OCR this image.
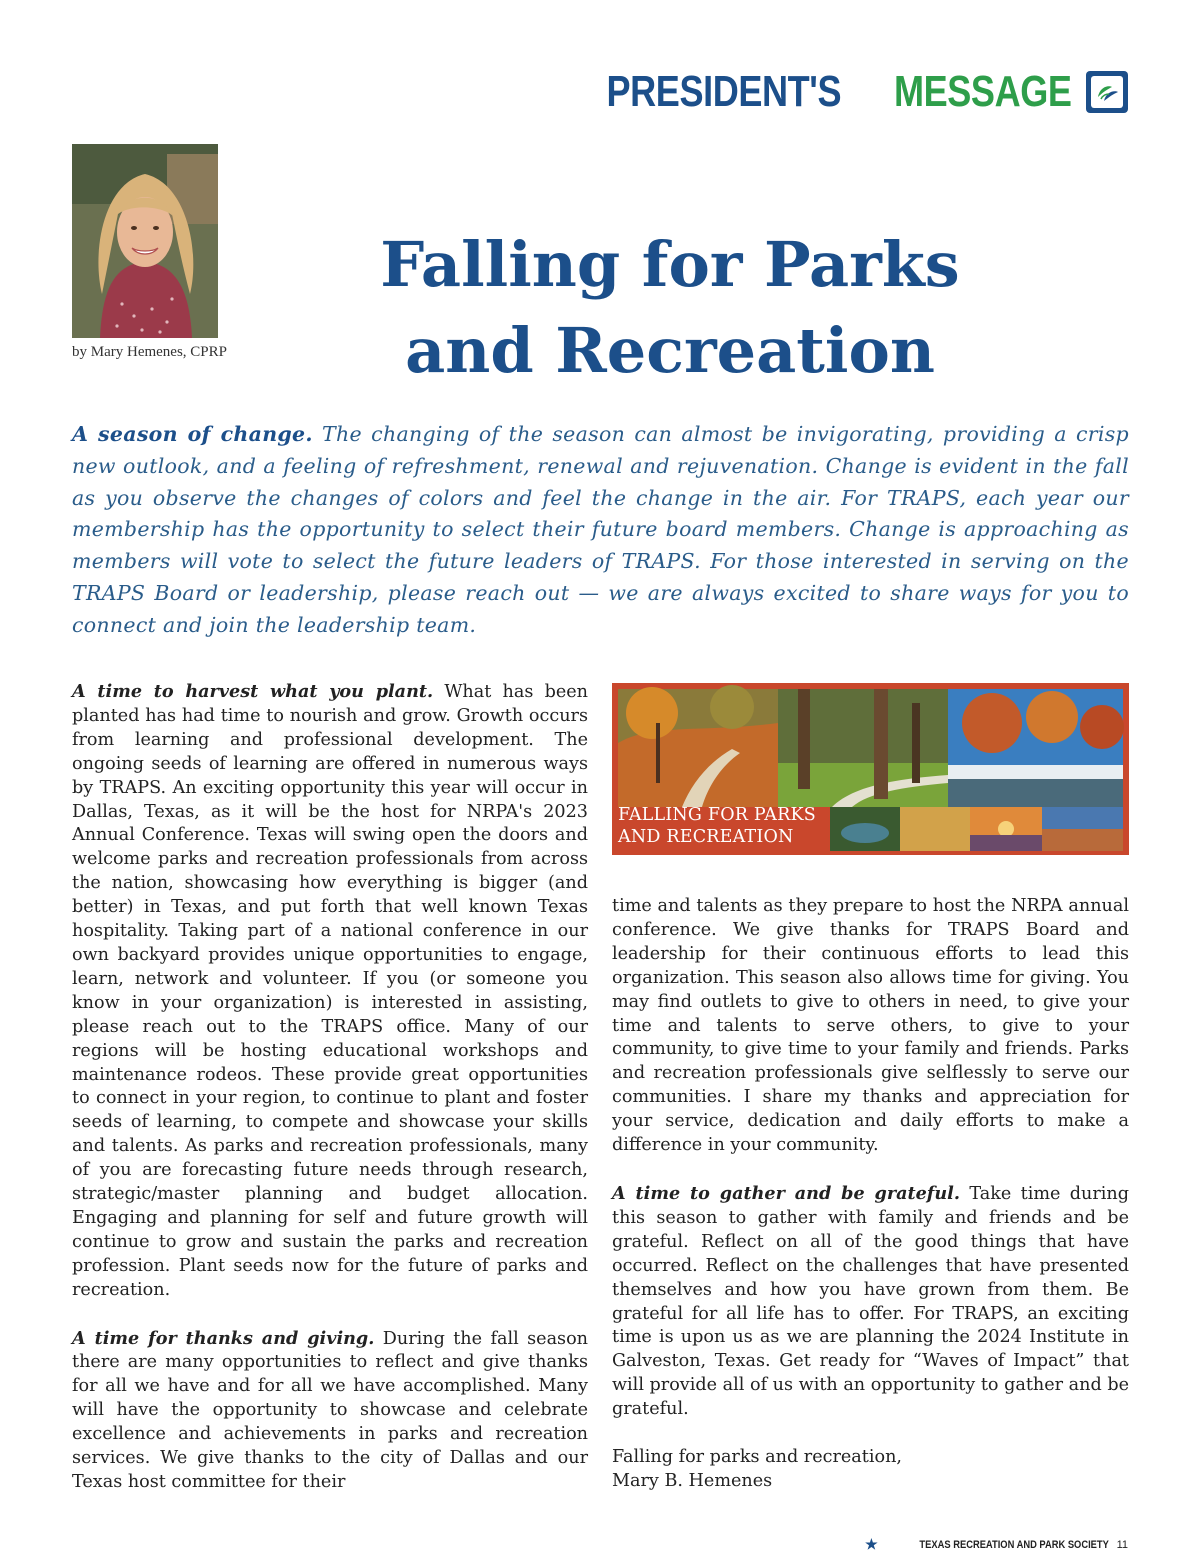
PRESIDENT'S MESSAGE
by Mary Hemenes, CPRP
Falling for Parks
and Recreation
A season of change. The changing of the season can almost be invigorating, providing a crisp new outlook, and a feeling of refreshment, renewal and rejuvenation. Change is evident in the fall as you observe the changes of colors and feel the change in the air. For TRAPS, each year our membership has the opportunity to select their future board members. Change is approaching as members will vote to select the future leaders of TRAPS. For those interested in serving on the TRAPS Board or leadership, please reach out — we are always excited to share ways for you to connect and join the leadership team.

A time to harvest what you plant. What has been planted has had time to nourish and grow. Growth occurs from learning and professional development. The ongoing seeds of learning are offered in numerous ways by TRAPS. An exciting opportunity this year will occur in Dallas, Texas, as it will be the host for NRPA's 2023 Annual Conference. Texas will swing open the doors and welcome parks and recreation professionals from across the nation, showcasing how everything is bigger (and better) in Texas, and put forth that well known Texas hospitality. Taking part of a national conference in our own backyard provides unique opportunities to engage, learn, network and volunteer. If you (or someone you know in your organization) is interested in assisting, please reach out to the TRAPS office. Many of our regions will be hosting educational workshops and maintenance rodeos. These provide great opportunities to connect in your region, to continue to plant and foster seeds of learning, to compete and showcase your skills and talents. As parks and recreation professionals, many of you are forecasting future needs through research, strategic/master planning and budget allocation. Engaging and planning for self and future growth will continue to grow and sustain the parks and recreation profession. Plant seeds now for the future of parks and recreation.

A time for thanks and giving. During the fall season there are many opportunities to reflect and give thanks for all we have and for all we have accomplished. Many will have the opportunity to showcase and celebrate excellence and achievements in parks and recreation services. We give thanks to the city of Dallas and our Texas host committee for their

FALLING FOR PARKS
AND RECREATION

time and talents as they prepare to host the NRPA annual conference. We give thanks for TRAPS Board and leadership for their continuous efforts to lead this organization. This season also allows time for giving. You may find outlets to give to others in need, to give your time and talents to serve others, to give to your community, to give time to your family and friends. Parks and recreation professionals give selflessly to serve our communities. I share my thanks and appreciation for your service, dedication and daily efforts to make a difference in your community.

A time to gather and be grateful. Take time during this season to gather with family and friends and be grateful. Reflect on all of the good things that have occurred. Reflect on the challenges that have presented themselves and how you have grown from them. Be grateful for all life has to offer. For TRAPS, an exciting time is upon us as we are planning the 2024 Institute in Galveston, Texas. Get ready for “Waves of Impact” that will provide all of us with an opportunity to gather and be grateful.

Falling for parks and recreation,
Mary B. Hemenes

★	TEXAS RECREATION AND PARK SOCIETY 11
